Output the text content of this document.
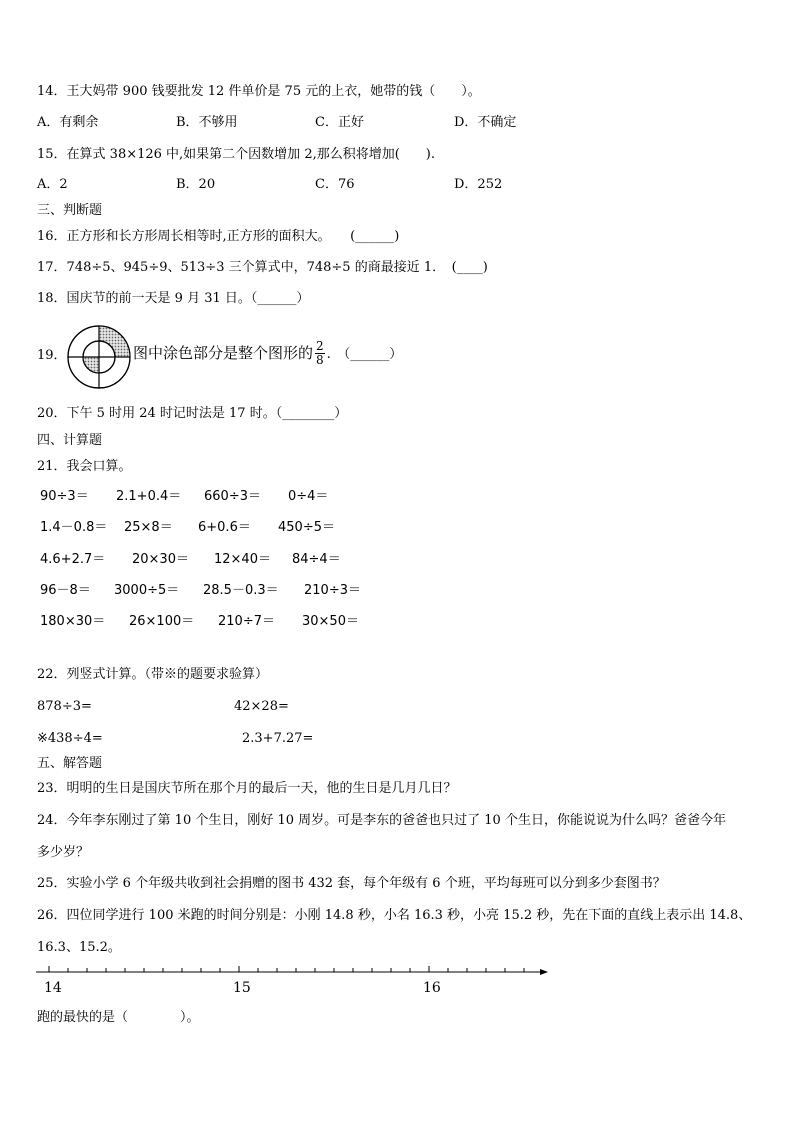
14．王大妈带 900 钱要批发 12 件单价是 75 元的上衣，她带的钱（　　）。
A．有剩余	B．不够用	C．正好	D．不确定
15．在算式 38×126 中,如果第二个因数增加 2,那么积将增加(　　).
A．2	B．20	C．76	D．252
三、判断题
16．正方形和长方形周长相等时,正方形的面积大。　　(______)
17．748÷5、945÷9、513÷3 三个算式中，748÷5 的商最接近 1．　(____)
18．国庆节的前一天是 9 月 31 日。（______）
19．	图中涂色部分是整个图形的 $\frac{2}{8}$ .　（______）
20．下午 5 时用 24 时记时法是 17 时。（________）
四、计算题
21．我会口算。
90÷3＝ 2.1+0.4＝ 660÷3＝ 0÷4＝
1.4－0.8＝ 25×8＝ 6+0.6＝ 450÷5＝
4.6+2.7＝ 20×30＝ 12×40＝ 84÷4＝
96－8＝ 3000÷5＝ 28.5－0.3＝ 210÷3＝
180×30＝ 26×100＝ 210÷7＝ 30×50＝
22．列竖式计算。（带※的题要求验算）
878÷3=	42×28=
※438÷4=	2.3+7.27=
五、解答题
23．明明的生日是国庆节所在那个月的最后一天，他的生日是几月几日？
24．今年李东刚过了第 10 个生日，刚好 10 周岁。可是李东的爸爸也只过了 10 个生日，你能说说为什么吗？爸爸今年
多少岁？
25．实验小学 6 个年级共收到社会捐赠的图书 432 套，每个年级有 6 个班，平均每班可以分到多少套图书？
26．四位同学进行 100 米跑的时间分别是：小刚 14.8 秒，小名 16.3 秒，小亮 15.2 秒，先在下面的直线上表示出 14.8、
16.3、15.2。
14	15	16
跑的最快的是（　　　　）。
